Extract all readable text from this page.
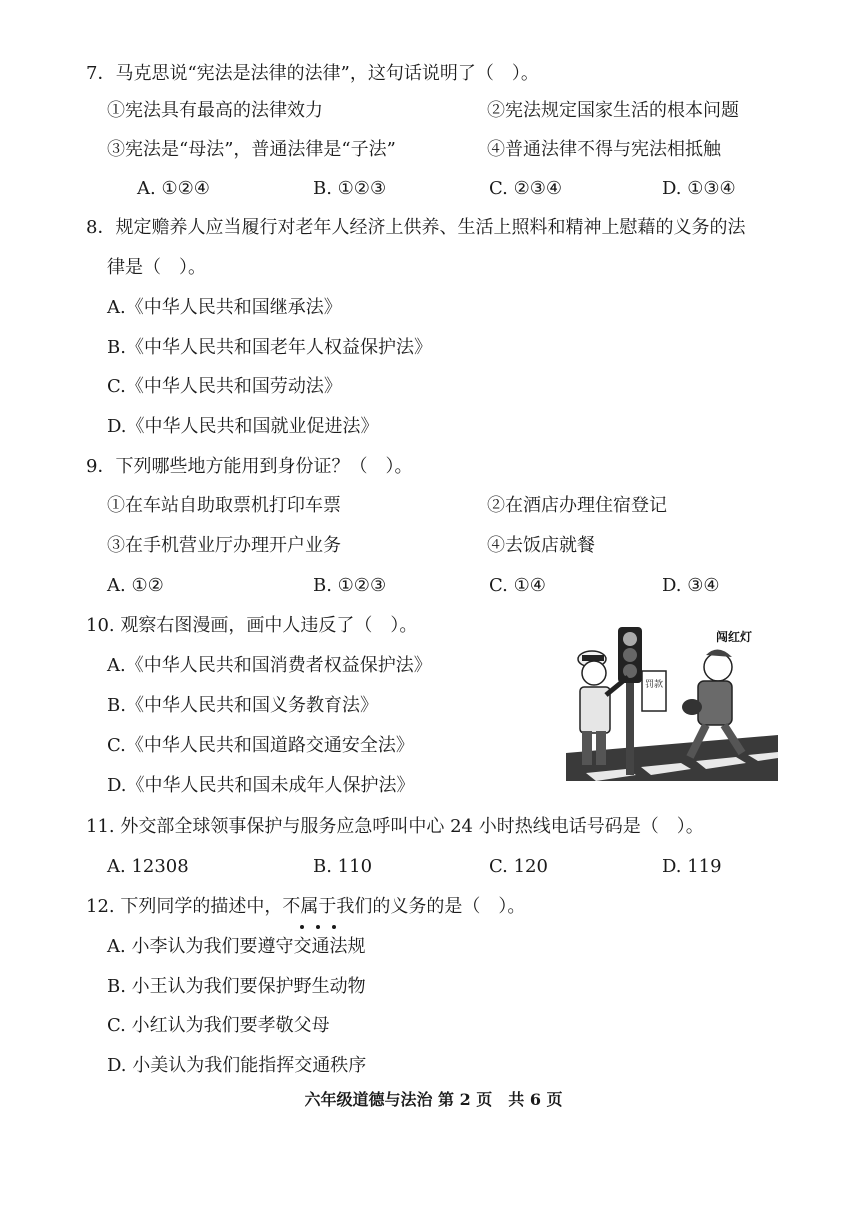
7．马克思说“宪法是法律的法律”，这句话说明了（　）。
①宪法具有最高的法律效力	②宪法规定国家生活的根本问题
③宪法是“母法”，普通法律是“子法”	④普通法律不得与宪法相抵触
A. ①②④	B. ①②③	C. ②③④	D. ①③④
8．规定赡养人应当履行对老年人经济上供养、生活上照料和精神上慰藉的义务的法
律是（　）。
A.《中华人民共和国继承法》
B.《中华人民共和国老年人权益保护法》
C.《中华人民共和国劳动法》
D.《中华人民共和国就业促进法》
9．下列哪些地方能用到身份证？（　）。
①在车站自助取票机打印车票	②在酒店办理住宿登记
③在手机营业厅办理开户业务	④去饭店就餐
A. ①②	B. ①②③	C. ①④	D. ③④
10. 观察右图漫画，画中人违反了（　）。
A.《中华人民共和国消费者权益保护法》
B.《中华人民共和国义务教育法》
C.《中华人民共和国道路交通安全法》
D.《中华人民共和国未成年人保护法》
罚款
闯红灯
11. 外交部全球领事保护与服务应急呼叫中心 24 小时热线电话号码是（　）。
A. 12308	B. 110	C. 120	D. 119
12. 下列同学的描述中，不属于我们的义务的是（　）。
A. 小李认为我们要遵守交通法规
B. 小王认为我们要保护野生动物
C. 小红认为我们要孝敬父母
D. 小美认为我们能指挥交通秩序
六年级道德与法治 第 2 页　共 6 页
